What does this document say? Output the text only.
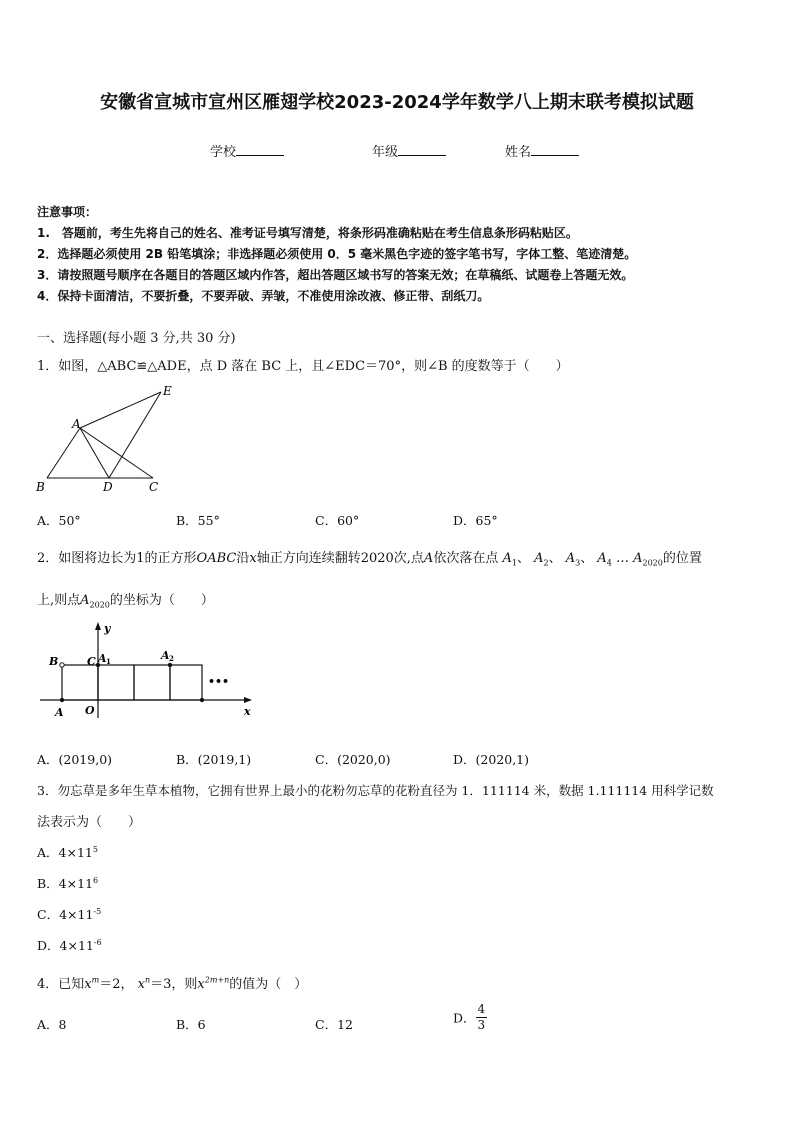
安徽省宣城市宣州区雁翅学校2023-2024学年数学八上期末联考模拟试题
学校	年级	姓名
注意事项：
1.　答题前，考生先将自己的姓名、准考证号填写清楚，将条形码准确粘贴在考生信息条形码粘贴区。
2．选择题必须使用 2B 铅笔填涂；非选择题必须使用 0．5 毫米黑色字迹的签字笔书写，字体工整、笔迹清楚。
3．请按照题号顺序在各题目的答题区域内作答，超出答题区域书写的答案无效；在草稿纸、试题卷上答题无效。
4．保持卡面清洁，不要折叠，不要弄破、弄皱，不准使用涂改液、修正带、刮纸刀。
一、选择题(每小题 3 分,共 30 分)
1．如图，△ABC≌△ADE，点 D 落在 BC 上，且∠EDC＝70°，则∠B 的度数等于（　　）
A
B	D	C
E
A．50°	B．55°	C．60°	D．65°
2．如图将边长为1的正方形OABC沿x轴正方向连续翻转2020次,点A依次落在点 $A_1$、 $A_2$、 $A_3$、 $A_4$ … $A_{2020}$的位置
上,则点$A_{2020}$的坐标为（　　）
y
x
B	C A 1	A 2
A O
•••
A．(2019,0)	B．(2019,1)	C．(2020,0)	D．(2020,1)
3．勿忘草是多年生草本植物，它拥有世界上最小的花粉勿忘草的花粉直径为 1．111114 米，数据 1.111114 用科学记数
法表示为（　　）
A．$4\times 11^5$
B．$4\times 11^6$
C．$4\times 11^{-5}$
D．$4\times 11^{-6}$
4．已知$x^m=2$， $x^n=3$，则$x^{2m+n}$的值为（　）
A．8	B．6	C．12	D． $\frac{4}{3}$
